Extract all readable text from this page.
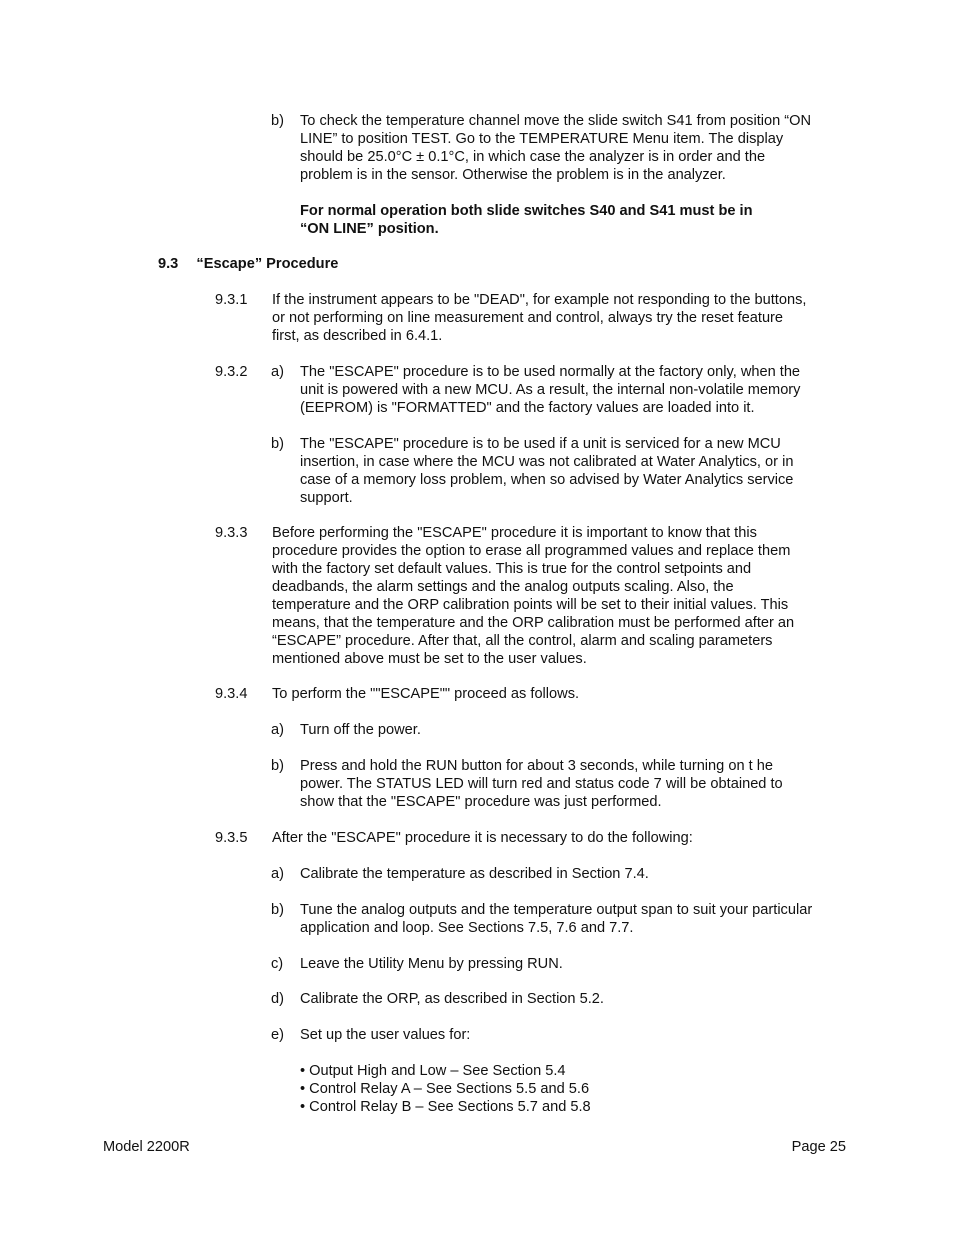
b) To check the temperature channel move the slide switch S41 from position “ON
LINE” to position TEST. Go to the TEMPERATURE Menu item. The display
should be 25.0°C ± 0.1°C, in which case the analyzer is in order and the
problem is in the sensor. Otherwise the problem is in the analyzer.
For normal operation both slide switches S40 and S41 must be in
“ON LINE” position.
9.3 “Escape” Procedure
9.3.1 If the instrument appears to be "DEAD", for example not responding to the buttons,
or not performing on line measurement and control, always try the reset feature
first, as described in 6.4.1.
9.3.2 a) The "ESCAPE" procedure is to be used normally at the factory only, when the
unit is powered with a new MCU. As a result, the internal non-volatile memory
(EEPROM) is "FORMATTED" and the factory values are loaded into it.
b) The "ESCAPE" procedure is to be used if a unit is serviced for a new MCU
insertion, in case where the MCU was not calibrated at Water Analytics, or in
case of a memory loss problem, when so advised by Water Analytics service
support.
9.3.3 Before performing the "ESCAPE" procedure it is important to know that this
procedure provides the option to erase all programmed values and replace them
with the factory set default values. This is true for the control setpoints and
deadbands, the alarm settings and the analog outputs scaling. Also, the
temperature and the ORP calibration points will be set to their initial values. This
means, that the temperature and the ORP calibration must be performed after an
“ESCAPE” procedure. After that, all the control, alarm and scaling parameters
mentioned above must be set to the user values.
9.3.4 To perform the ""ESCAPE"" proceed as follows.
a) Turn off the power.
b) Press and hold the RUN button for about 3 seconds, while turning on t he
power. The STATUS LED will turn red and status code 7 will be obtained to
show that the "ESCAPE" procedure was just performed.
9.3.5 After the "ESCAPE" procedure it is necessary to do the following:
a) Calibrate the temperature as described in Section 7.4.
b) Tune the analog outputs and the temperature output span to suit your particular
application and loop. See Sections 7.5, 7.6 and 7.7.
c) Leave the Utility Menu by pressing RUN.
d) Calibrate the ORP, as described in Section 5.2.
e) Set up the user values for:
• Output High and Low – See Section 5.4
• Control Relay A – See Sections 5.5 and 5.6
• Control Relay B – See Sections 5.7 and 5.8
Model 2200R	Page 25
